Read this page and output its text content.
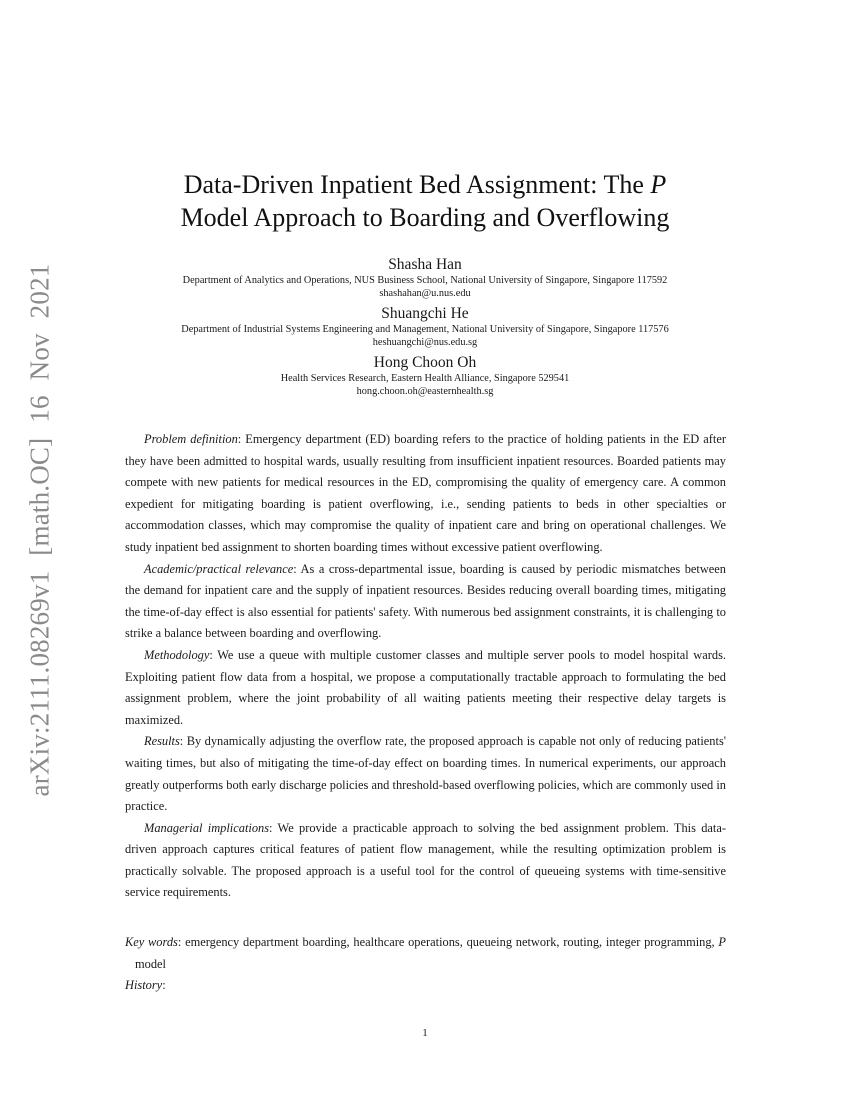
arXiv:2111.08269v1 [math.OC] 16 Nov 2021
Data-Driven Inpatient Bed Assignment: The P
Model Approach to Boarding and Overflowing
Shasha Han
Department of Analytics and Operations, NUS Business School, National University of Singapore, Singapore 117592
shashahan@u.nus.edu
Shuangchi He
Department of Industrial Systems Engineering and Management, National University of Singapore, Singapore 117576
heshuangchi@nus.edu.sg
Hong Choon Oh
Health Services Research, Eastern Health Alliance, Singapore 529541
hong.choon.oh@easternhealth.sg

Problem definition: Emergency department (ED) boarding refers to the practice of holding patients in the ED after they have been admitted to hospital wards, usually resulting from insufficient inpatient resources. Boarded patients may compete with new patients for medical resources in the ED, compromising the quality of emergency care. A common expedient for mitigating boarding is patient overflowing, i.e., sending patients to beds in other specialties or accommodation classes, which may compromise the quality of inpatient care and bring on operational challenges. We study inpatient bed assignment to shorten boarding times without excessive patient overflowing.

Academic/practical relevance: As a cross-departmental issue, boarding is caused by periodic mismatches between the demand for inpatient care and the supply of inpatient resources. Besides reducing overall boarding times, mitigating the time-of-day effect is also essential for patients' safety. With numerous bed assignment constraints, it is challenging to strike a balance between boarding and overflowing.

Methodology: We use a queue with multiple customer classes and multiple server pools to model hospital wards. Exploiting patient flow data from a hospital, we propose a computationally tractable approach to formulating the bed assignment problem, where the joint probability of all waiting patients meeting their respective delay targets is maximized.

Results: By dynamically adjusting the overflow rate, the proposed approach is capable not only of reducing patients' waiting times, but also of mitigating the time-of-day effect on boarding times. In numerical experiments, our approach greatly outperforms both early discharge policies and threshold-based overflowing policies, which are commonly used in practice.

Managerial implications: We provide a practicable approach to solving the bed assignment problem. This data-driven approach captures critical features of patient flow management, while the resulting optimization problem is practically solvable. The proposed approach is a useful tool for the control of queueing systems with time-sensitive service requirements.

Key words: emergency department boarding, healthcare operations, queueing network, routing, integer programming, P model

History:

1
